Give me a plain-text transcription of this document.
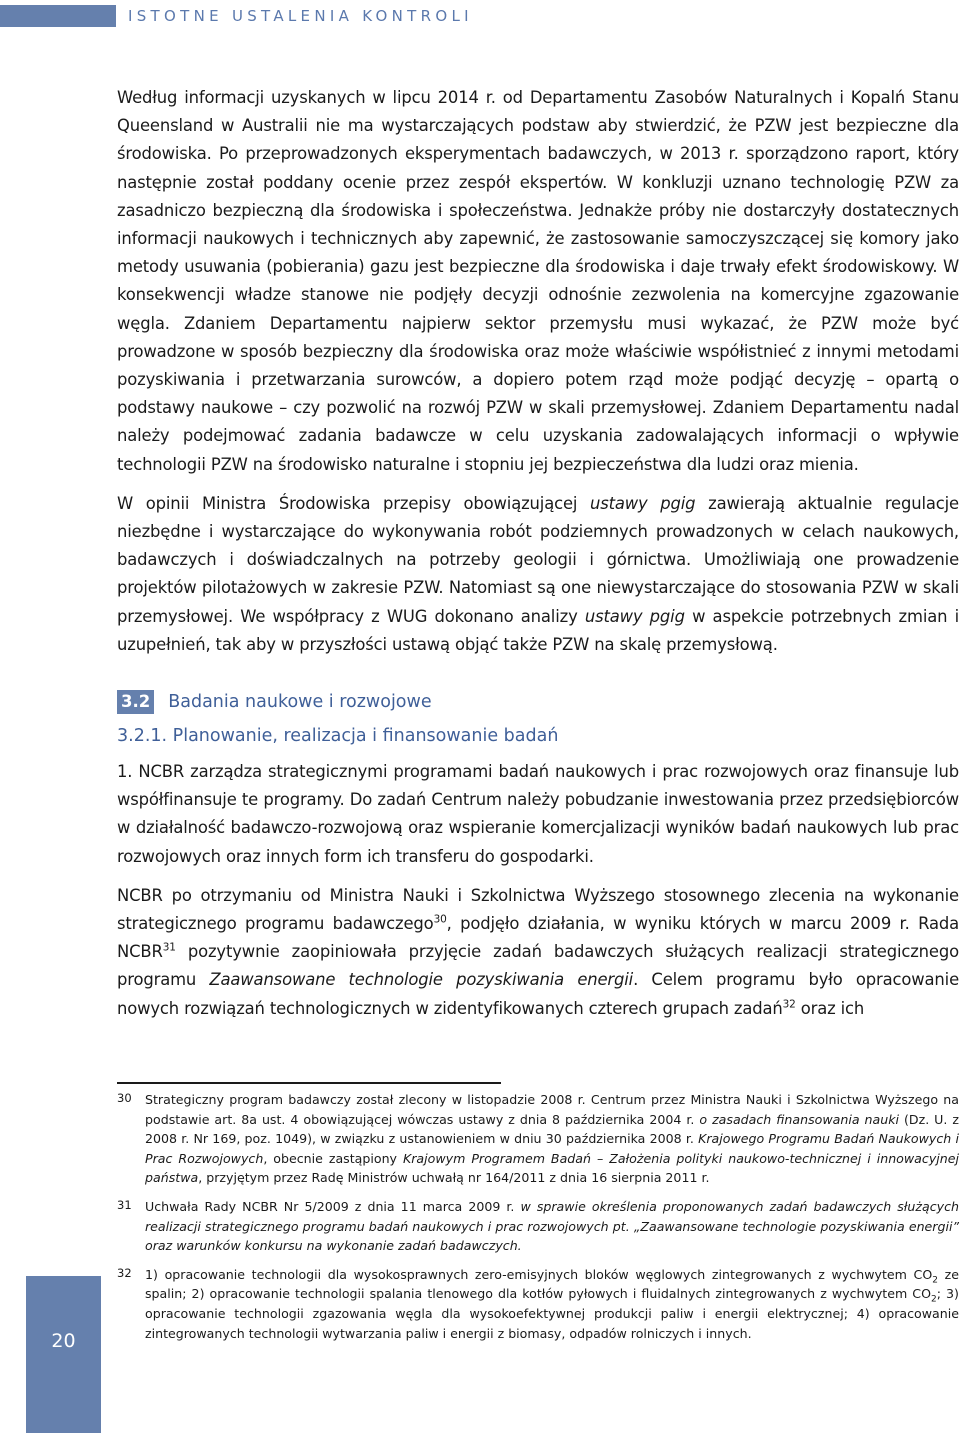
ISTOTNE USTALENIA KONTROLI

Według informacji uzyskanych w lipcu 2014 r. od Departamentu Zasobów Naturalnych i Kopalń Stanu Queensland w Australii nie ma wystarczających podstaw aby stwierdzić, że PZW jest bezpieczne dla środowiska. Po przeprowadzonych eksperymentach badawczych, w 2013 r. sporządzono raport, który następnie został poddany ocenie przez zespół ekspertów. W konkluzji uznano technologię PZW za zasadniczo bezpieczną dla środowiska i społeczeństwa. Jednakże próby nie dostarczyły dostatecznych informacji naukowych i technicznych aby zapewnić, że zastosowanie samoczyszczącej się komory jako metody usuwania (pobierania) gazu jest bezpieczne dla środowiska i daje trwały efekt środowiskowy. W konsekwencji władze stanowe nie podjęły decyzji odnośnie zezwolenia na komercyjne zgazowanie węgla. Zdaniem Departamentu najpierw sektor przemysłu musi wykazać, że PZW może być prowadzone w sposób bezpieczny dla środowiska oraz może właściwie współistnieć z innymi metodami pozyskiwania i przetwarzania surowców, a dopiero potem rząd może podjąć decyzję – opartą o podstawy naukowe – czy pozwolić na rozwój PZW w skali przemysłowej. Zdaniem Departamentu nadal należy podejmować zadania badawcze w celu uzyskania zadowalających informacji o wpływie technologii PZW na środowisko naturalne i stopniu jej bezpieczeństwa dla ludzi oraz mienia.

W opinii Ministra Środowiska przepisy obowiązującej ustawy pgig zawierają aktualnie regulacje niezbędne i wystarczające do wykonywania robót podziemnych prowadzonych w celach naukowych, badawczych i doświadczalnych na potrzeby geologii i górnictwa. Umożliwiają one prowadzenie projektów pilotażowych w zakresie PZW. Natomiast są one niewystarczające do stosowania PZW w skali przemysłowej. We współpracy z WUG dokonano analizy ustawy pgig w aspekcie potrzebnych zmian i uzupełnień, tak aby w przyszłości ustawą objąć także PZW na skalę przemysłową.

3.2 Badania naukowe i rozwojowe
3.2.1. Planowanie, realizacja i finansowanie badań

1. NCBR zarządza strategicznymi programami badań naukowych i prac rozwojowych oraz finansuje lub współfinansuje te programy. Do zadań Centrum należy pobudzanie inwestowania przez przedsiębiorców w działalność badawczo-rozwojową oraz wspieranie komercjalizacji wyników badań naukowych lub prac rozwojowych oraz innych form ich transferu do gospodarki.

NCBR po otrzymaniu od Ministra Nauki i Szkolnictwa Wyższego stosownego zlecenia na wykonanie strategicznego programu badawczego$^{30}$, podjęło działania, w wyniku których w marcu 2009 r. Rada NCBR$^{31}$ pozytywnie zaopiniowała przyjęcie zadań badawczych służących realizacji strategicznego programu Zaawansowane technologie pozyskiwania energii. Celem programu było opracowanie nowych rozwiązań technologicznych w zidentyfikowanych czterech grupach zadań$^{32}$ oraz ich

30	Strategiczny program badawczy został zlecony w listopadzie 2008 r. Centrum przez Ministra Nauki i Szkolnictwa Wyższego na podstawie art. 8a ust. 4 obowiązującej wówczas ustawy z dnia 8 października 2004 r. o zasadach finansowania nauki (Dz. U. z 2008 r. Nr 169, poz. 1049), w związku z ustanowieniem w dniu 30 października 2008 r. Krajowego Programu Badań Naukowych i Prac Rozwojowych, obecnie zastąpiony Krajowym Programem Badań – Założenia polityki naukowo-technicznej i innowacyjnej państwa, przyjętym przez Radę Ministrów uchwałą nr 164/2011 z dnia 16 sierpnia 2011 r.
31	Uchwała Rady NCBR Nr 5/2009 z dnia 11 marca 2009 r. w sprawie określenia proponowanych zadań badawczych służących realizacji strategicznego programu badań naukowych i prac rozwojowych pt. „Zaawansowane technologie pozyskiwania energii” oraz warunków konkursu na wykonanie zadań badawczych.
32	1) opracowanie technologii dla wysokosprawnych zero-emisyjnych bloków węglowych zintegrowanych z wychwytem $CO_2$ ze spalin; 2) opracowanie technologii spalania tlenowego dla kotłów pyłowych i fluidalnych zintegrowanych z wychwytem $CO_2$; 3) opracowanie technologii zgazowania węgla dla wysokoefektywnej produkcji paliw i energii elektrycznej; 4) opracowanie zintegrowanych technologii wytwarzania paliw i energii z biomasy, odpadów rolniczych i innych.
20
